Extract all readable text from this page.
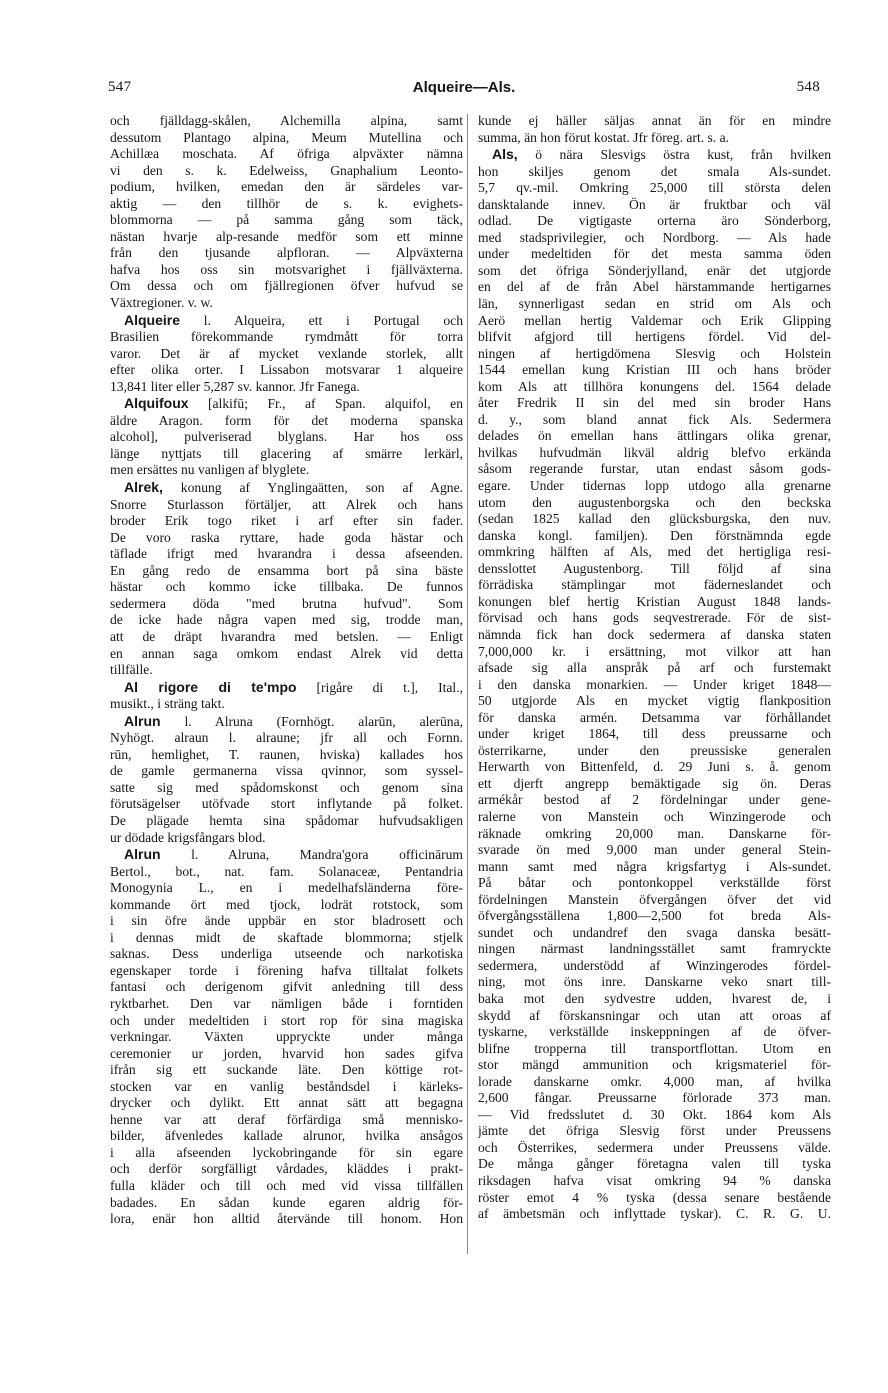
547	Alqueire—Als.	548
och fjälldagg-skålen, Alchemilla alpina, samt
dessutom Plantago alpina, Meum Mutellina och
Achillæa moschata. Af öfriga alpväxter nämna
vi den s. k. Edelweiss, Gnaphalium Leonto-
podium, hvilken, emedan den är särdeles var-
aktig — den tillhör de s. k. evighets-
blommorna — på samma gång som täck,
nästan hvarje alp-resande medför som ett minne
från den tjusande alpfloran. — Alpväxterna
hafva hos oss sin motsvarighet i fjällväxterna.
Om dessa och om fjällregionen öfver hufvud se
Växtregioner. v. w.
Alqueire l. Alqueira, ett i Portugal och
Brasilien förekommande rymdmått för torra
varor. Det är af mycket vexlande storlek, allt
efter olika orter. I Lissabon motsvarar 1 alqueire
13,841 liter eller 5,287 sv. kannor. Jfr Fanega.
Alquifoux [alkifū; Fr., af Span. alquifol, en
äldre Aragon. form för det moderna spanska
alcohol], pulveriserad blyglans. Har hos oss
länge nyttjats till glacering af smärre lerkärl,
men ersättes nu vanligen af blyglete.
Alrek, konung af Ynglingaätten, son af Agne.
Snorre Sturlasson förtäljer, att Alrek och hans
broder Erik togo riket i arf efter sin fader.
De voro raska ryttare, hade goda hästar och
täflade ifrigt med hvarandra i dessa afseenden.
En gång redo de ensamma bort på sina bäste
hästar och kommo icke tillbaka. De funnos
sedermera döda "med brutna hufvud". Som
de icke hade några vapen med sig, trodde man,
att de dräpt hvarandra med betslen. — Enligt
en annan saga omkom endast Alrek vid detta
tillfälle.
Al rigore di te'mpo [rigåre di t.], Ital.,
musikt., i sträng takt.
Alrun l. Alruna (Fornhögt. alarūn, alerūna,
Nyhögt. alraun l. alraune; jfr all och Fornn.
rūn, hemlighet, T. raunen, hviska) kallades hos
de gamle germanerna vissa qvinnor, som syssel-
satte sig med spådomskonst och genom sina
förutsägelser utöfvade stort inflytande på folket.
De plägade hemta sina spådomar hufvudsakligen
ur dödade krigsfångars blod.
Alrun l. Alruna, Mandra'gora officinārum
Bertol., bot., nat. fam. Solanaceæ, Pentandria
Monogynia L., en i medelhafsländerna före-
kommande ört med tjock, lodrät rotstock, som
i sin öfre ände uppbär en stor bladrosett och
i dennas midt de skaftade blommorna; stjelk
saknas. Dess underliga utseende och narkotiska
egenskaper torde i förening hafva tilltalat folkets
fantasi och derigenom gifvit anledning till dess
ryktbarhet. Den var nämligen både i forntiden
och under medeltiden i stort rop för sina magiska
verkningar. Växten uppryckte under många
ceremonier ur jorden, hvarvid hon sades gifva
ifrån sig ett suckande läte. Den köttige rot-
stocken var en vanlig beståndsdel i kärleks-
drycker och dylikt. Ett annat sätt att begagna
henne var att deraf förfärdiga små mennisko-
bilder, äfvenledes kallade alrunor, hvilka ansågos
i alla afseenden lyckobringande för sin egare
och derför sorgfälligt vårdades, kläddes i prakt-
fulla kläder och till och med vid vissa tillfällen
badades. En sådan kunde egaren aldrig för-
lora, enär hon alltid återvände till honom. Hon
kunde ej häller säljas annat än för en mindre
summa, än hon förut kostat. Jfr föreg. art. s. a.
Als, ö nära Slesvigs östra kust, från hvilken
hon skiljes genom det smala Als-sundet.
5,7 qv.-mil. Omkring 25,000 till största delen
dansktalande innev. Ön är fruktbar och väl
odlad. De vigtigaste orterna äro Sönderborg,
med stadsprivilegier, och Nordborg. — Als hade
under medeltiden för det mesta samma öden
som det öfriga Sönderjylland, enär det utgjorde
en del af de från Abel härstammande hertigarnes
län, synnerligast sedan en strid om Als och
Aerö mellan hertig Valdemar och Erik Glipping
blifvit afgjord till hertigens fördel. Vid del-
ningen af hertigdömena Slesvig och Holstein
1544 emellan kung Kristian III och hans bröder
kom Als att tillhöra konungens del. 1564 delade
åter Fredrik II sin del med sin broder Hans
d. y., som bland annat fick Als. Sedermera
delades ön emellan hans ättlingars olika grenar,
hvilkas hufvudmän likväl aldrig blefvo erkända
såsom regerande furstar, utan endast såsom gods-
egare. Under tidernas lopp utdogo alla grenarne
utom den augustenborgska och den beckska
(sedan 1825 kallad den glücksburgska, den nuv.
danska kongl. familjen). Den förstnämnda egde
ommkring hälften af Als, med det hertigliga resi-
densslottet Augustenborg. Till följd af sina
förrädiska stämplingar mot fäderneslandet och
konungen blef hertig Kristian August 1848 lands-
förvisad och hans gods seqvestrerade. För de sist-
nämnda fick han dock sedermera af danska staten
7,000,000 kr. i ersättning, mot vilkor att han
afsade sig alla anspråk på arf och furstemakt
i den danska monarkien. — Under kriget 1848—
50 utgjorde Als en mycket vigtig flankposition
för danska armén. Detsamma var förhållandet
under kriget 1864, till dess preussarne och
österrikarne, under den preussiske generalen
Herwarth von Bittenfeld, d. 29 Juni s. å. genom
ett djerft angrepp bemäktigade sig ön. Deras
armékår bestod af 2 fördelningar under gene-
ralerne von Manstein och Winzingerode och
räknade omkring 20,000 man. Danskarne för-
svarade ön med 9,000 man under general Stein-
mann samt med några krigsfartyg i Als-sundet.
På båtar och pontonkoppel verkställde först
fördelningen Manstein öfvergången öfver det vid
öfvergångsställena 1,800—2,500 fot breda Als-
sundet och undandref den svaga danska besätt-
ningen närmast landningsstället samt framryckte
sedermera, understödd af Winzingerodes fördel-
ning, mot öns inre. Danskarne veko snart till-
baka mot den sydvestre udden, hvarest de, i
skydd af förskansningar och utan att oroas af
tyskarne, verkställde inskeppningen af de öfver-
blifne tropperna till transportflottan. Utom en
stor mängd ammunition och krigsmateriel för-
lorade danskarne omkr. 4,000 man, af hvilka
2,600 fångar. Preussarne förlorade 373 man.
— Vid fredsslutet d. 30 Okt. 1864 kom Als
jämte det öfriga Slesvig först under Preussens
och Österrikes, sedermera under Preussens välde.
De många gånger företagna valen till tyska
riksdagen hafva visat omkring 94 % danska
röster emot 4 % tyska (dessa senare bestående
af ämbetsmän och inflyttade tyskar). C. R. G. U.
